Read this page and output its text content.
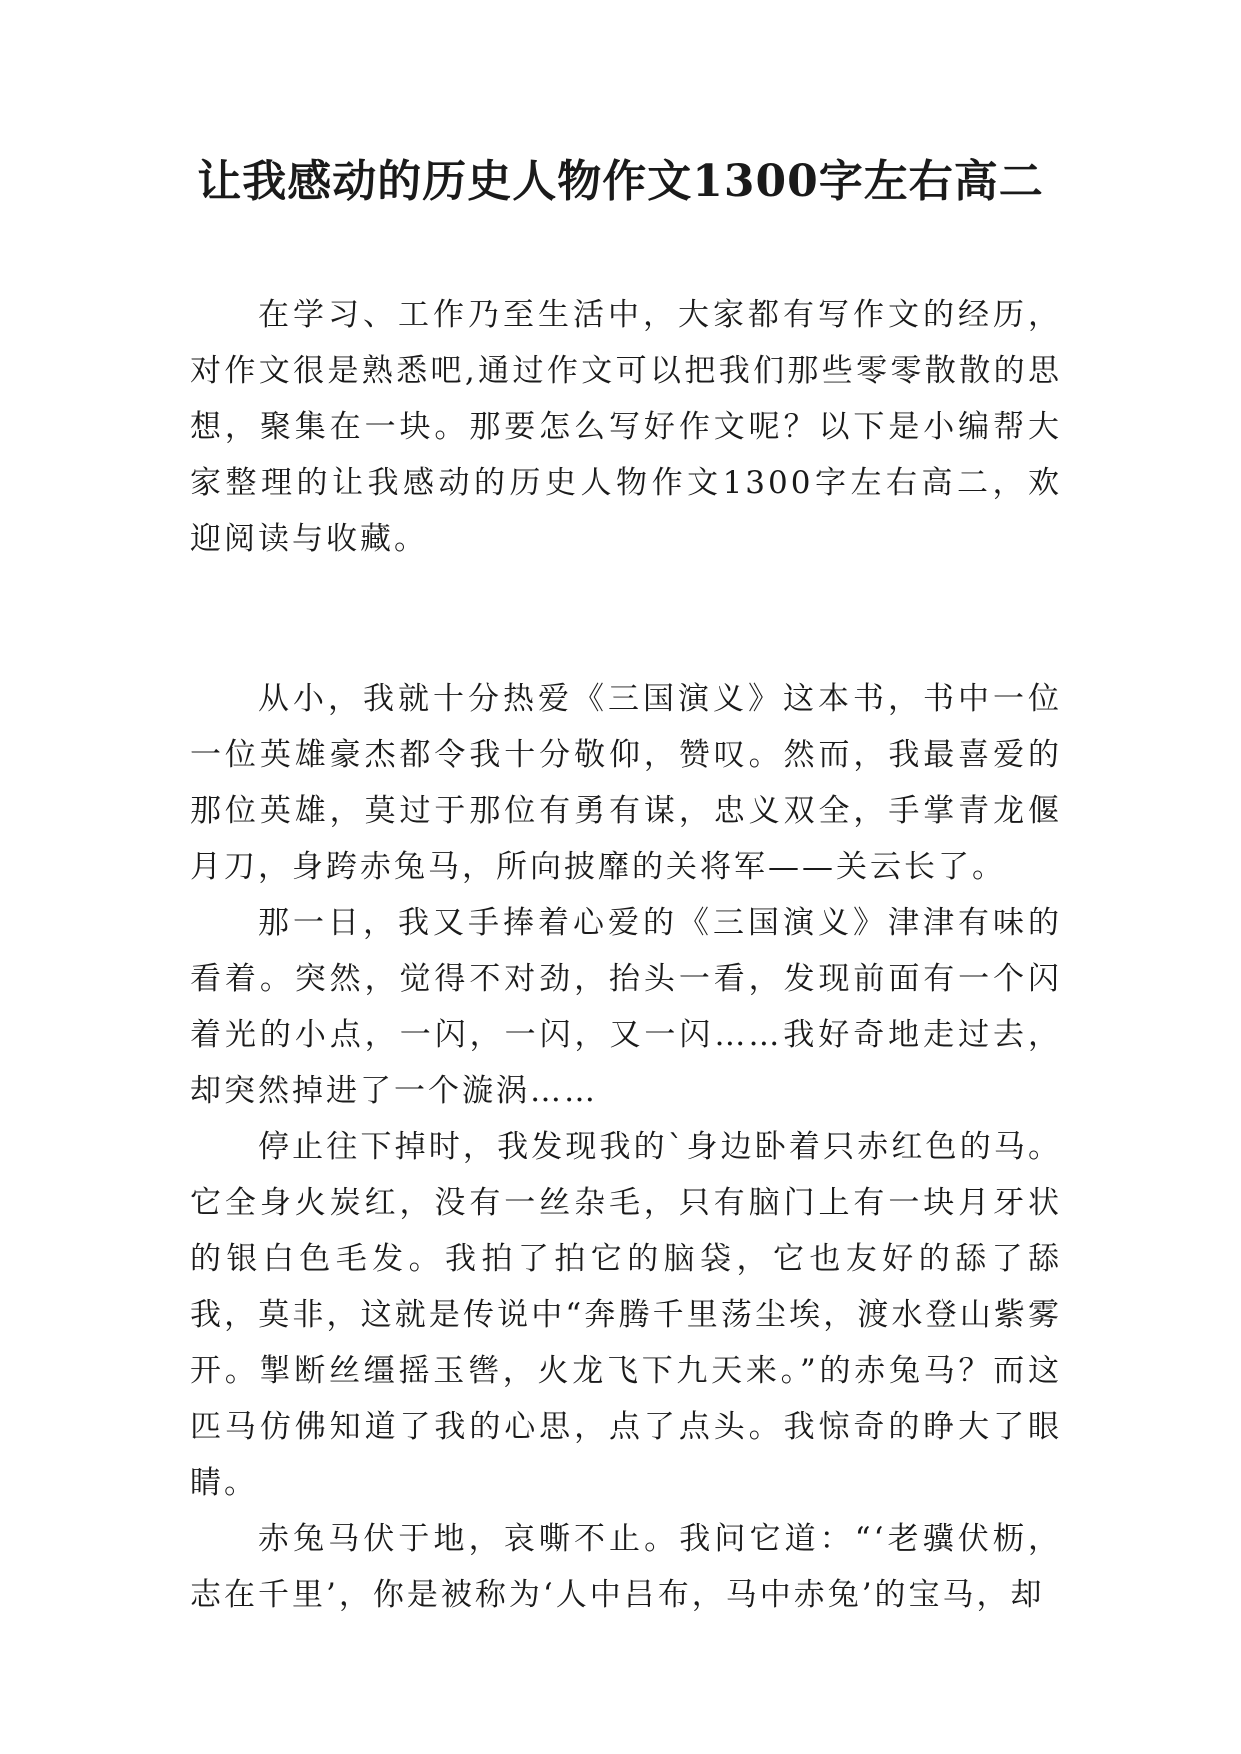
让我感动的历史人物作文1300字左右高二

在学习、工作乃至生活中，大家都有写作文的经历，对作文很是熟悉吧,通过作文可以把我们那些零零散散的思想，聚集在一块。那要怎么写好作文呢？以下是小编帮大家整理的让我感动的历史人物作文1300字左右高二，欢迎阅读与收藏。

从小，我就十分热爱《三国演义》这本书，书中一位一位英雄豪杰都令我十分敬仰，赞叹。然而，我最喜爱的那位英雄，莫过于那位有勇有谋，忠义双全，手掌青龙偃月刀，身跨赤兔马，所向披靡的关将军——关云长了。

那一日，我又手捧着心爱的《三国演义》津津有味的看着。突然，觉得不对劲，抬头一看，发现前面有一个闪着光的小点，一闪，一闪，又一闪……我好奇地走过去，却突然掉进了一个漩涡……

停止往下掉时，我发现我的`身边卧着只赤红色的马。它全身火炭红，没有一丝杂毛，只有脑门上有一块月牙状的银白色毛发。我拍了拍它的脑袋，它也友好的舔了舔我，莫非，这就是传说中“奔腾千里荡尘埃，渡水登山紫雾开。掣断丝缰摇玉辔，火龙飞下九天来。”的赤兔马？而这匹马仿佛知道了我的心思，点了点头。我惊奇的睁大了眼睛。

赤兔马伏于地，哀嘶不止。我问它道：“‘老骥伏枥，志在千里’，你是被称为‘人中吕布，马中赤兔’的宝马，却
